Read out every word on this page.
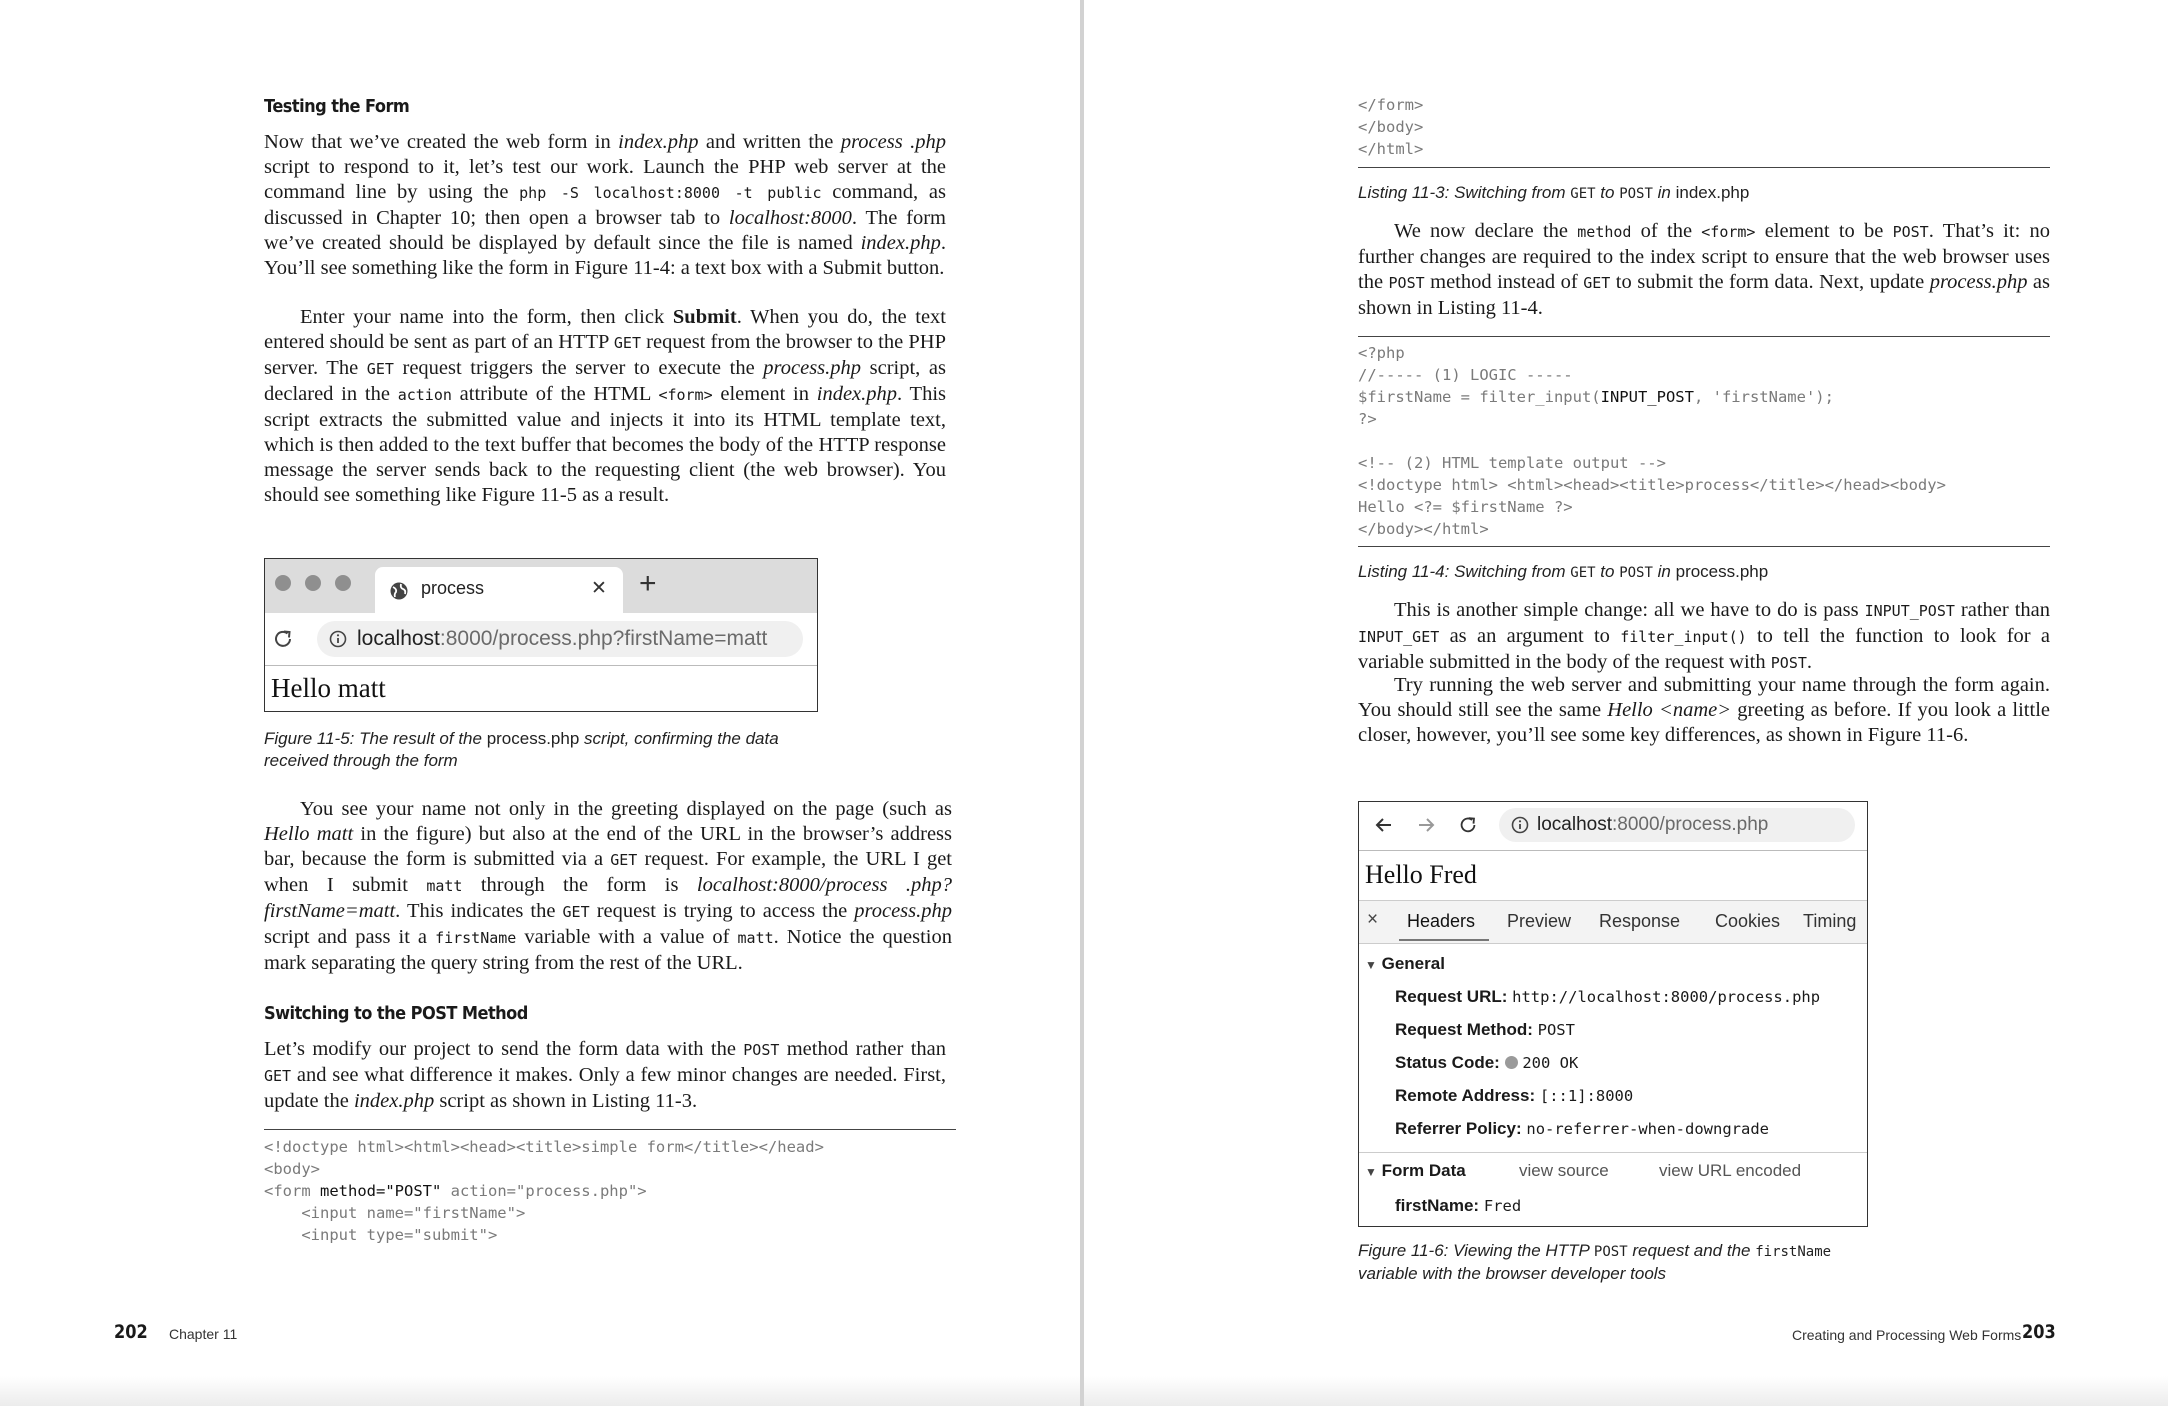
Testing the Form

Now that we’ve created the web form in index.php and written the process .php script to respond to it, let’s test our work. Launch the PHP web server at the command line by using the php -S localhost:8000 -t public command, as discussed in Chapter 10; then open a browser tab to localhost:8000. The form we’ve created should be displayed by default since the file is named index.php. You’ll see something like the form in Figure 11-4: a text box with a Submit button.

Enter your name into the form, then click Submit. When you do, the text entered should be sent as part of an HTTP GET request from the browser to the PHP server. The GET request triggers the server to execute the process.php script, as declared in the action attribute of the HTML <form> element in index.php. This script extracts the submitted value and injects it into its HTML template text, which is then added to the text buffer that becomes the body of the HTTP response message the server sends back to the requesting client (the web browser). You should see something like Figure 11-5 as a result.

process	✕ +
localhost:8000/process.php?firstName=matt
Hello matt

Figure 11-5: The result of the process.php script, confirming the data received through the form

You see your name not only in the greeting displayed on the page (such as Hello matt in the figure) but also at the end of the URL in the browser’s address bar, because the form is submitted via a GET request. For example, the URL I get when I submit matt through the form is localhost:8000/process .php?firstName=matt. This indicates the GET request is trying to access the process.php script and pass it a firstName variable with a value of matt. Notice the question mark separating the query string from the rest of the URL.

Switching to the POST Method

Let’s modify our project to send the form data with the POST method rather than GET and see what difference it makes. Only a few minor changes are needed. First, update the index.php script as shown in Listing 11-3.

<!doctype html><html><head><title>simple form</title></head>
<body>
<form method="POST" action="process.php">
<input name="firstName">
<input type="submit">
202 Chapter 11
</form>
</body>
</html>

Listing 11-3: Switching from GET to POST in index.php

We now declare the method of the <form> element to be POST. That’s it: no further changes are required to the index script to ensure that the web browser uses the POST method instead of GET to submit the form data. Next, update process.php as shown in Listing 11-4.

<?php
//----- (1) LOGIC -----
$firstName = filter_input(INPUT_POST, 'firstName');
?>

<!-- (2) HTML template output -->
<!doctype html> <html><head><title>process</title></head><body>
Hello <?= $firstName ?>
</body></html>

Listing 11-4: Switching from GET to POST in process.php

This is another simple change: all we have to do is pass INPUT_POST rather than INPUT_GET as an argument to filter_input() to tell the function to look for a variable submitted in the body of the request with POST.

Try running the web server and submitting your name through the form again. You should still see the same Hello <name> greeting as before. If you look a little closer, however, you’ll see some key differences, as shown in Figure 11-6.

Creating and Processing Web Forms 203
localhost:8000/process.php
Hello Fred
× Headers Preview Response Cookies Timing
▼ General
Request URL: http://localhost:8000/process.php
Request Method: POST
Status Code: 200 OK
Remote Address: [::1]:8000
Referrer Policy: no-referrer-when-downgrade
▼ Form Data	view source	view URL encoded
firstName: Fred

Figure 11-6: Viewing the HTTP POST request and the firstName variable with the browser developer tools
